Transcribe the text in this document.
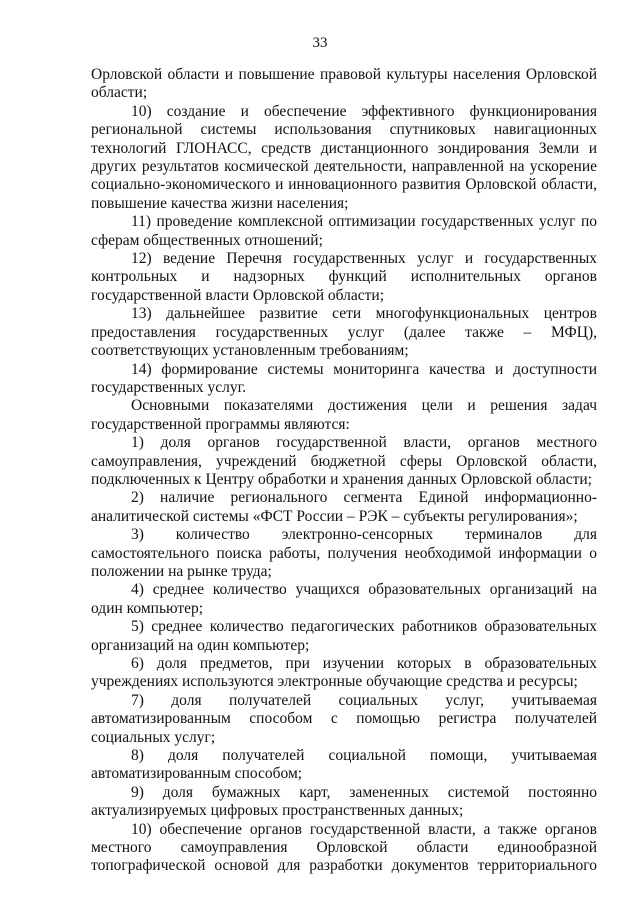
33

Орловской области и повышение правовой культуры населения Орловской области;

10) создание и обеспечение эффективного функционирования региональной системы использования спутниковых навигационных технологий ГЛОНАСС, средств дистанционного зондирования Земли и других результатов космической деятельности, направленной на ускорение социально-экономического и инновационного развития Орловской области, повышение качества жизни населения;

11) проведение комплексной оптимизации государственных услуг по сферам общественных отношений;

12) ведение Перечня государственных услуг и государственных контрольных и надзорных функций исполнительных органов государственной власти Орловской области;

13) дальнейшее развитие сети многофункциональных центров предоставления государственных услуг (далее также – МФЦ), соответствующих установленным требованиям;

14) формирование системы мониторинга качества и доступности государственных услуг.

Основными показателями достижения цели и решения задач государственной программы являются:

1) доля органов государственной власти, органов местного самоуправления, учреждений бюджетной сферы Орловской области, подключенных к Центру обработки и хранения данных Орловской области;

2) наличие регионального сегмента Единой информационно-аналитической системы «ФСТ России – РЭК – субъекты регулирования»;

3) количество электронно-сенсорных терминалов для самостоятельного поиска работы, получения необходимой информации о положении на рынке труда;

4) среднее количество учащихся образовательных организаций на один компьютер;

5) среднее количество педагогических работников образовательных организаций на один компьютер;

6) доля предметов, при изучении которых в образовательных учреждениях используются электронные обучающие средства и ресурсы;

7) доля получателей социальных услуг, учитываемая автоматизированным способом с помощью регистра получателей социальных услуг;

8) доля получателей социальной помощи, учитываемая автоматизированным способом;

9) доля бумажных карт, замененных системой постоянно актуализируемых цифровых пространственных данных;

10) обеспечение органов государственной власти, а также органов местного самоуправления Орловской области единообразной топографической основой для разработки документов территориального
